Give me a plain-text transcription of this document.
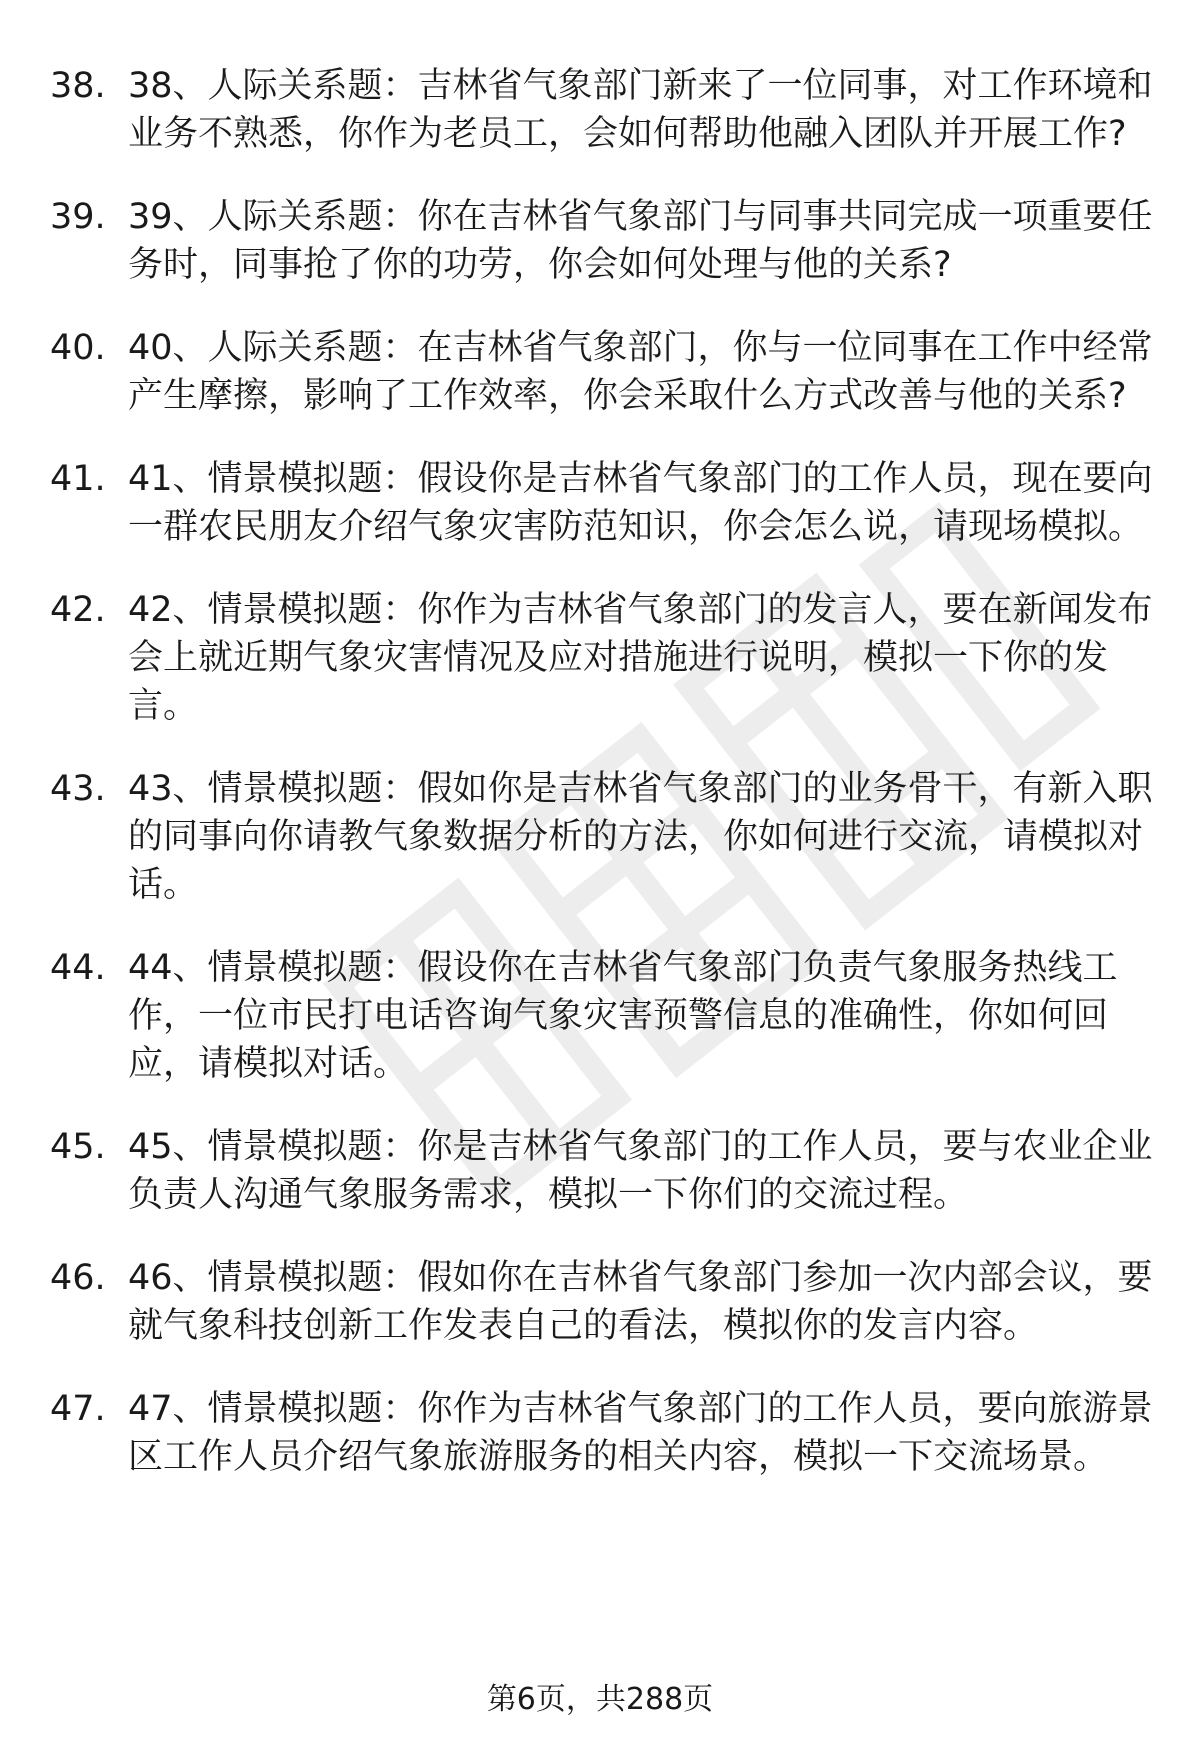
38. 38、人际关系题：吉林省气象部门新来了一位同事，对工作环境和业务不熟悉，你作为老员工，会如何帮助他融入团队并开展工作?
39. 39、人际关系题：你在吉林省气象部门与同事共同完成一项重要任务时，同事抢了你的功劳，你会如何处理与他的关系?
40. 40、人际关系题：在吉林省气象部门，你与一位同事在工作中经常产生摩擦，影响了工作效率，你会采取什么方式改善与他的关系?
41. 41、情景模拟题：假设你是吉林省气象部门的工作人员，现在要向一群农民朋友介绍气象灾害防范知识，你会怎么说，请现场模拟。
42. 42、情景模拟题：你作为吉林省气象部门的发言人，要在新闻发布会上就近期气象灾害情况及应对措施进行说明，模拟一下你的发言。
43. 43、情景模拟题：假如你是吉林省气象部门的业务骨干，有新入职的同事向你请教气象数据分析的方法，你如何进行交流，请模拟对话。
44. 44、情景模拟题：假设你在吉林省气象部门负责气象服务热线工作，一位市民打电话咨询气象灾害预警信息的准确性，你如何回应，请模拟对话。
45. 45、情景模拟题：你是吉林省气象部门的工作人员，要与农业企业负责人沟通气象服务需求，模拟一下你们的交流过程。
46. 46、情景模拟题：假如你在吉林省气象部门参加一次内部会议，要就气象科技创新工作发表自己的看法，模拟你的发言内容。
47. 47、情景模拟题：你作为吉林省气象部门的工作人员，要向旅游景区工作人员介绍气象旅游服务的相关内容，模拟一下交流场景。
第6页，共288页
